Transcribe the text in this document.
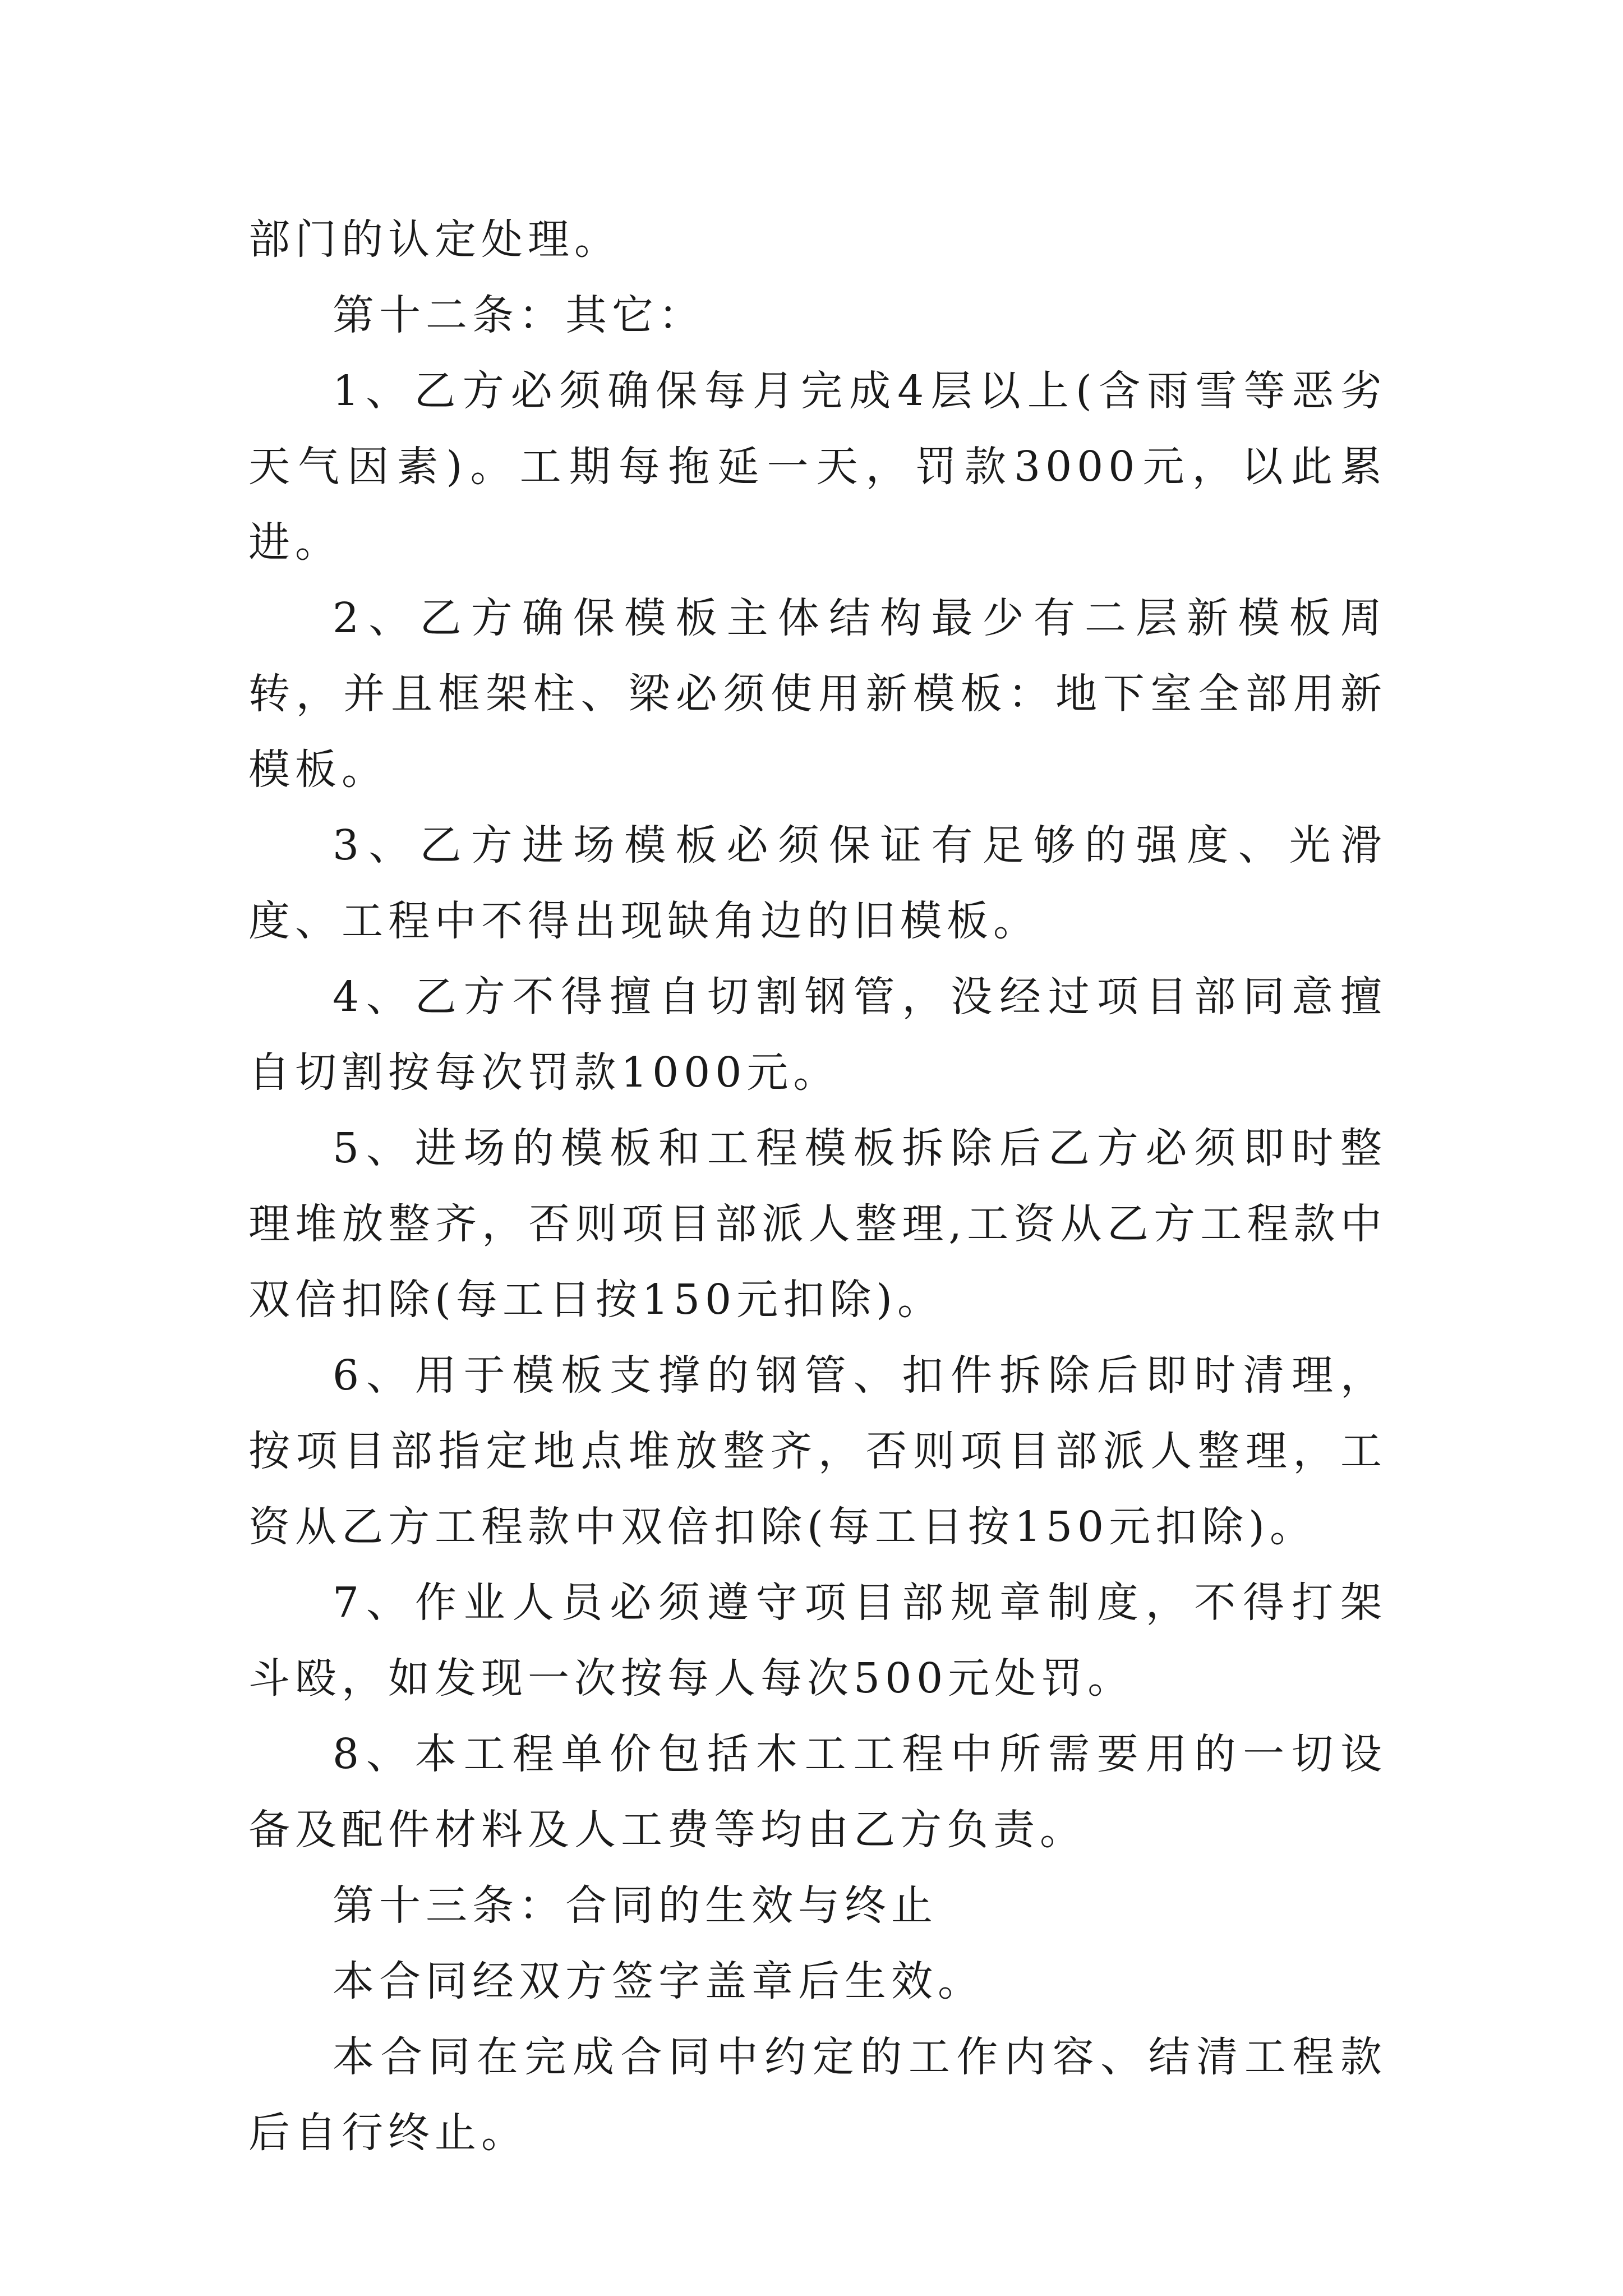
部门的认定处理。

第十二条：其它：

1、乙方必须确保每月完成4层以上(含雨雪等恶劣天气因素)。工期每拖延一天，罚款3000元，以此累进。

2、乙方确保模板主体结构最少有二层新模板周转，并且框架柱、梁必须使用新模板：地下室全部用新模板。

3、乙方进场模板必须保证有足够的强度、光滑度、工程中不得出现缺角边的旧模板。

4、乙方不得擅自切割钢管，没经过项目部同意擅自切割按每次罚款1000元。

5、进场的模板和工程模板拆除后乙方必须即时整理堆放整齐，否则项目部派人整理,工资从乙方工程款中双倍扣除(每工日按150元扣除)。

6、用于模板支撑的钢管、扣件拆除后即时清理，按项目部指定地点堆放整齐，否则项目部派人整理，工资从乙方工程款中双倍扣除(每工日按150元扣除)。

7、作业人员必须遵守项目部规章制度，不得打架斗殴，如发现一次按每人每次500元处罚。

8、本工程单价包括木工工程中所需要用的一切设备及配件材料及人工费等均由乙方负责。

第十三条：合同的生效与终止

本合同经双方签字盖章后生效。

本合同在完成合同中约定的工作内容、结清工程款后自行终止。
